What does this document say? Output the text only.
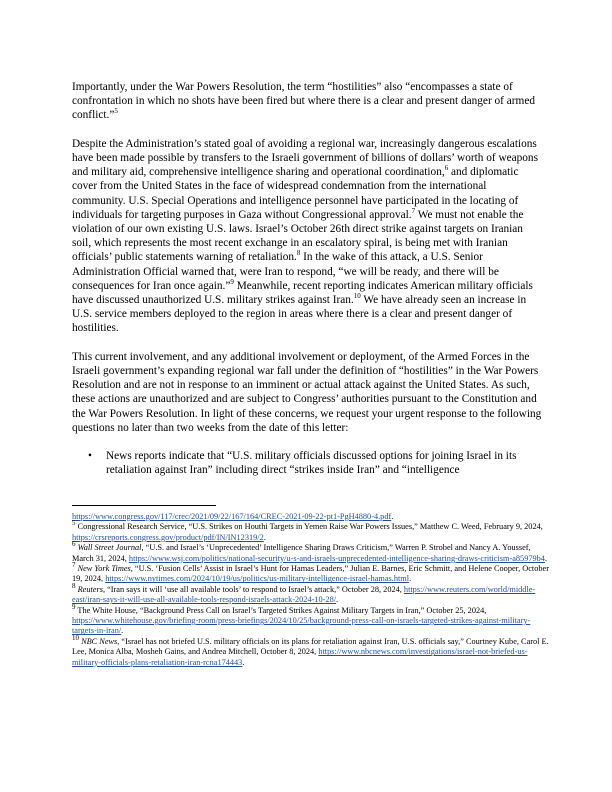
Importantly, under the War Powers Resolution, the term “hostilities” also “encompasses a state of confrontation in which no shots have been fired but where there is a clear and present danger of armed conflict.”$^5$

Despite the Administration’s stated goal of avoiding a regional war, increasingly dangerous escalations have been made possible by transfers to the Israeli government of billions of dollars’ worth of weapons and military aid, comprehensive intelligence sharing and operational coordination,$^6$ and diplomatic cover from the United States in the face of widespread condemnation from the international community. U.S. Special Operations and intelligence personnel have participated in the locating of individuals for targeting purposes in Gaza without Congressional approval.$^7$ We must not enable the violation of our own existing U.S. laws. Israel’s October 26th direct strike against targets on Iranian soil, which represents the most recent exchange in an escalatory spiral, is being met with Iranian officials’ public statements warning of retaliation.$^8$ In the wake of this attack, a U.S. Senior Administration Official warned that, were Iran to respond, “we will be ready, and there will be consequences for Iran once again.”$^9$ Meanwhile, recent reporting indicates American military officials have discussed unauthorized U.S. military strikes against Iran.$^{10}$ We have already seen an increase in U.S. service members deployed to the region in areas where there is a clear and present danger of hostilities.

This current involvement, and any additional involvement or deployment, of the Armed Forces in the Israeli government’s expanding regional war fall under the definition of “hostilities” in the War Powers Resolution and are not in response to an imminent or actual attack against the United States. As such, these actions are unauthorized and are subject to Congress’ authorities pursuant to the Constitution and the War Powers Resolution. In light of these concerns, we request your urgent response to the following questions no later than two weeks from the date of this letter:

• News reports indicate that “U.S. military officials discussed options for joining Israel in its retaliation against Iran” including direct “strikes inside Iran” and “intelligence

https://www.congress.gov/117/crec/2021/09/22/167/164/CREC-2021-09-22-pt1-PgH4880-4.pdf.

$^5$ Congressional Research Service, “U.S. Strikes on Houthi Targets in Yemen Raise War Powers Issues,” Matthew C. Weed, February 9, 2024, https://crsreports.congress.gov/product/pdf/IN/IN12319/2.

$^6$ Wall Street Journal, “U.S. and Israel’s ‘Unprecedented’ Intelligence Sharing Draws Criticism,” Warren P. Strobel and Nancy A. Youssef, March 31, 2024, https://www.wsj.com/politics/national-security/u-s-and-israels-unprecedented-intelligence-sharing-draws-criticism-a85979b4.

$^7$ New York Times, “U.S. ‘Fusion Cells’ Assist in Israel’s Hunt for Hamas Leaders,” Julian E. Barnes, Eric Schmitt, and Helene Cooper, October 19, 2024, https://www.nytimes.com/2024/10/19/us/politics/us-military-intelligence-israel-hamas.html.

$^8$ Reuters, “Iran says it will ‘use all available tools’ to respond to Israel’s attack,” October 28, 2024, https://www.reuters.com/world/middle-east/iran-says-it-will-use-all-available-tools-respond-israels-attack-2024-10-28/.

$^9$ The White House, “Background Press Call on Israel’s Targeted Strikes Against Military Targets in Iran,” October 25, 2024, https://www.whitehouse.gov/briefing-room/press-briefings/2024/10/25/background-press-call-on-israels-targeted-strikes-against-military-targets-in-iran/.

$^{10}$ NBC News, “Israel has not briefed U.S. military officials on its plans for retaliation against Iran, U.S. officials say,” Courtney Kube, Carol E. Lee, Monica Alba, Mosheh Gains, and Andrea Mitchell, October 8, 2024, https://www.nbcnews.com/investigations/israel-not-briefed-us-military-officials-plans-retaliation-iran-rcna174443.
